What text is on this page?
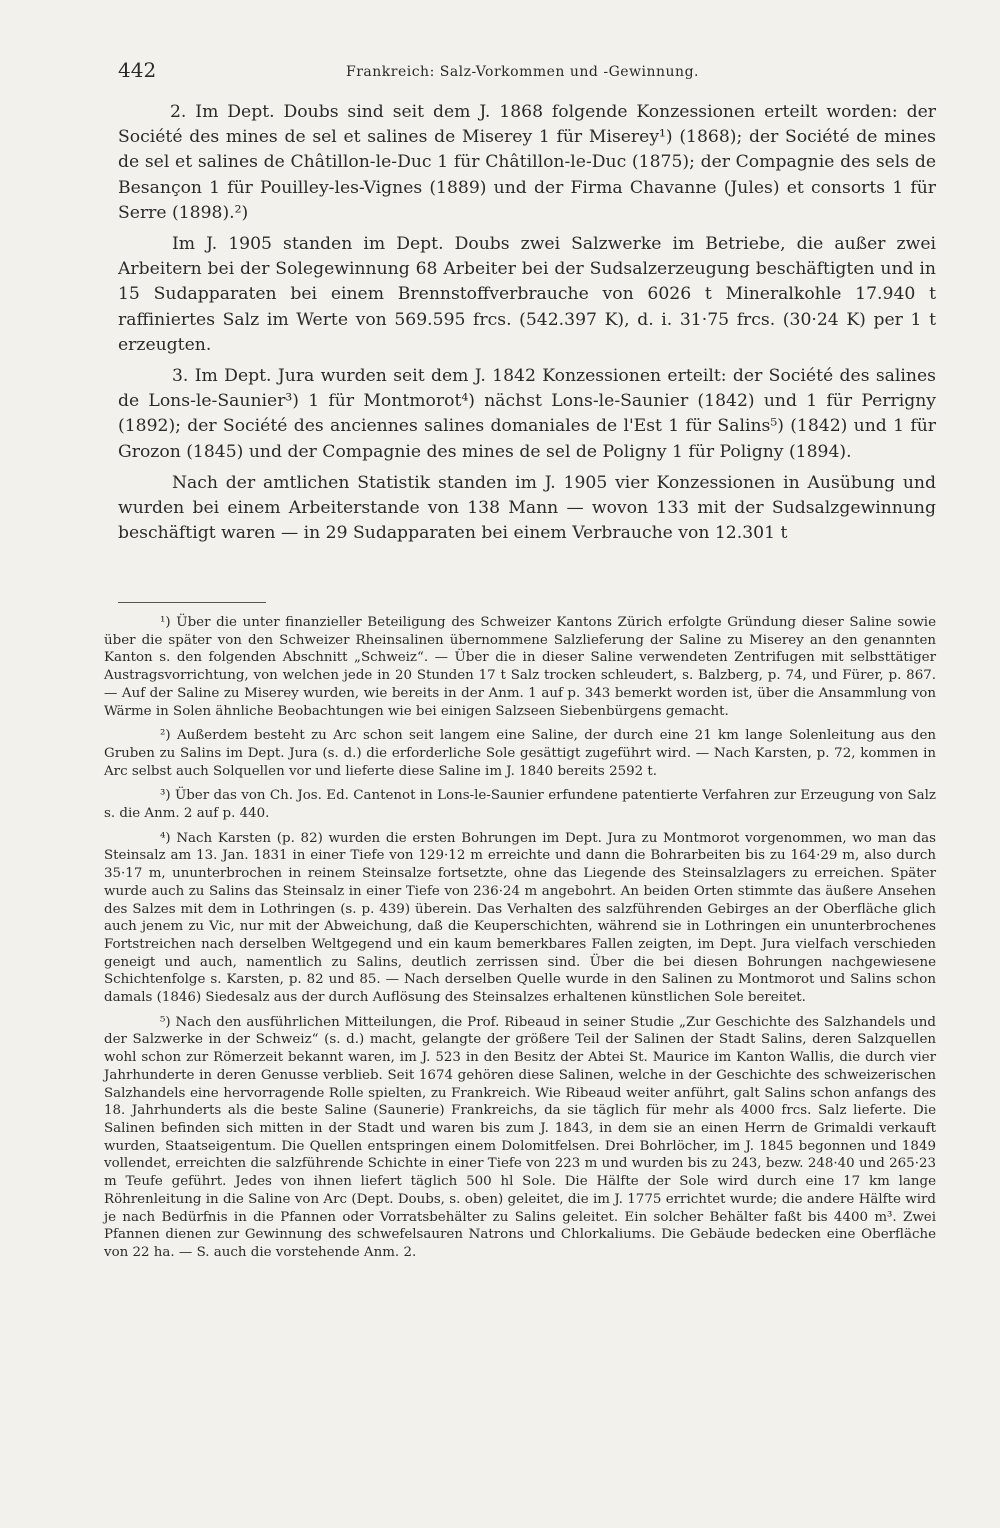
442	Frankreich: Salz-Vorkommen und -Gewinnung.

2. Im Dept. Doubs sind seit dem J. 1868 folgende Konzessionen erteilt worden: der Société des mines de sel et salines de Miserey 1 für Miserey¹) (1868); der Société de mines de sel et salines de Châtillon-le-Duc 1 für Châtillon-le-Duc (1875); der Compagnie des sels de Besançon 1 für Pouilley-les-Vignes (1889) und der Firma Chavanne (Jules) et consorts 1 für Serre (1898).²)

Im J. 1905 standen im Dept. Doubs zwei Salzwerke im Betriebe, die außer zwei Arbeitern bei der Solegewinnung 68 Arbeiter bei der Sudsalzerzeugung beschäftigten und in 15 Sudapparaten bei einem Brennstoffverbrauche von 6026 t Mineralkohle 17.940 t raffiniertes Salz im Werte von 569.595 frcs. (542.397 K), d. i. 31·75 frcs. (30·24 K) per 1 t erzeugten.

3. Im Dept. Jura wurden seit dem J. 1842 Konzessionen erteilt: der Société des salines de Lons-le-Saunier³) 1 für Montmorot⁴) nächst Lons-le-Saunier (1842) und 1 für Perrigny (1892); der Société des anciennes salines domaniales de l'Est 1 für Salins⁵) (1842) und 1 für Grozon (1845) und der Compagnie des mines de sel de Poligny 1 für Poligny (1894).

Nach der amtlichen Statistik standen im J. 1905 vier Konzessionen in Ausübung und wurden bei einem Arbeiterstande von 138 Mann — wovon 133 mit der Sudsalzgewinnung beschäftigt waren — in 29 Sudapparaten bei einem Verbrauche von 12.301 t

¹) Über die unter finanzieller Beteiligung des Schweizer Kantons Zürich erfolgte Gründung dieser Saline sowie über die später von den Schweizer Rheinsalinen übernommene Salzlieferung der Saline zu Miserey an den genannten Kanton s. den folgenden Abschnitt „Schweiz“. — Über die in dieser Saline verwendeten Zentrifugen mit selbsttätiger Austragsvorrichtung, von welchen jede in 20 Stunden 17 t Salz trocken schleudert, s. Balzberg, p. 74, und Fürer, p. 867. — Auf der Saline zu Miserey wurden, wie bereits in der Anm. 1 auf p. 343 bemerkt worden ist, über die Ansammlung von Wärme in Solen ähnliche Beobachtungen wie bei einigen Salzseen Siebenbürgens gemacht.

²) Außerdem besteht zu Arc schon seit langem eine Saline, der durch eine 21 km lange Solenleitung aus den Gruben zu Salins im Dept. Jura (s. d.) die erforderliche Sole gesättigt zugeführt wird. — Nach Karsten, p. 72, kommen in Arc selbst auch Solquellen vor und lieferte diese Saline im J. 1840 bereits 2592 t.

³) Über das von Ch. Jos. Ed. Cantenot in Lons-le-Saunier erfundene patentierte Verfahren zur Erzeugung von Salz s. die Anm. 2 auf p. 440.

⁴) Nach Karsten (p. 82) wurden die ersten Bohrungen im Dept. Jura zu Montmorot vorgenommen, wo man das Steinsalz am 13. Jan. 1831 in einer Tiefe von 129·12 m erreichte und dann die Bohrarbeiten bis zu 164·29 m, also durch 35·17 m, ununterbrochen in reinem Steinsalze fortsetzte, ohne das Liegende des Steinsalzlagers zu erreichen. Später wurde auch zu Salins das Steinsalz in einer Tiefe von 236·24 m angebohrt. An beiden Orten stimmte das äußere Ansehen des Salzes mit dem in Lothringen (s. p. 439) überein. Das Verhalten des salzführenden Gebirges an der Oberfläche glich auch jenem zu Vic, nur mit der Abweichung, daß die Keuperschichten, während sie in Lothringen ein ununterbrochenes Fortstreichen nach derselben Weltgegend und ein kaum bemerkbares Fallen zeigten, im Dept. Jura vielfach verschieden geneigt und auch, namentlich zu Salins, deutlich zerrissen sind. Über die bei diesen Bohrungen nachgewiesene Schichtenfolge s. Karsten, p. 82 und 85. — Nach derselben Quelle wurde in den Salinen zu Montmorot und Salins schon damals (1846) Siedesalz aus der durch Auflösung des Steinsalzes erhaltenen künstlichen Sole bereitet.

⁵) Nach den ausführlichen Mitteilungen, die Prof. Ribeaud in seiner Studie „Zur Geschichte des Salzhandels und der Salzwerke in der Schweiz“ (s. d.) macht, gelangte der größere Teil der Salinen der Stadt Salins, deren Salzquellen wohl schon zur Römerzeit bekannt waren, im J. 523 in den Besitz der Abtei St. Maurice im Kanton Wallis, die durch vier Jahrhunderte in deren Genusse verblieb. Seit 1674 gehören diese Salinen, welche in der Geschichte des schweizerischen Salzhandels eine hervorragende Rolle spielten, zu Frankreich. Wie Ribeaud weiter anführt, galt Salins schon anfangs des 18. Jahrhunderts als die beste Saline (Saunerie) Frankreichs, da sie täglich für mehr als 4000 frcs. Salz lieferte. Die Salinen befinden sich mitten in der Stadt und waren bis zum J. 1843, in dem sie an einen Herrn de Grimaldi verkauft wurden, Staatseigentum. Die Quellen entspringen einem Dolomitfelsen. Drei Bohrlöcher, im J. 1845 begonnen und 1849 vollendet, erreichten die salzführende Schichte in einer Tiefe von 223 m und wurden bis zu 243, bezw. 248·40 und 265·23 m Teufe geführt. Jedes von ihnen liefert täglich 500 hl Sole. Die Hälfte der Sole wird durch eine 17 km lange Röhrenleitung in die Saline von Arc (Dept. Doubs, s. oben) geleitet, die im J. 1775 errichtet wurde; die andere Hälfte wird je nach Bedürfnis in die Pfannen oder Vorratsbehälter zu Salins geleitet. Ein solcher Behälter faßt bis 4400 m³. Zwei Pfannen dienen zur Gewinnung des schwefelsauren Natrons und Chlorkaliums. Die Gebäude bedecken eine Oberfläche von 22 ha. — S. auch die vorstehende Anm. 2.
